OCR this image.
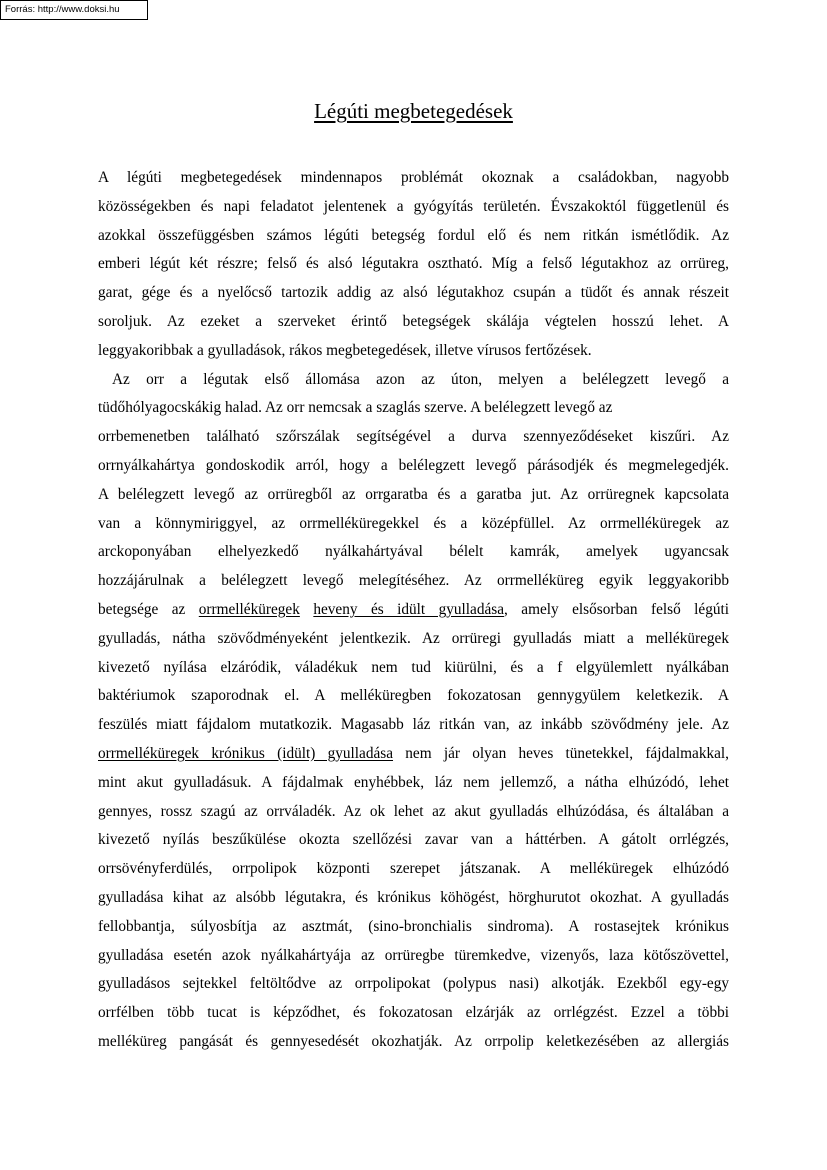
Forrás: http://www.doksi.hu
Légúti megbetegedések
A légúti megbetegedések mindennapos problémát okoznak a családokban, nagyobb
közösségekben és napi feladatot jelentenek a gyógyítás területén. Évszakoktól függetlenül és
azokkal összefüggésben számos légúti betegség fordul elő és nem ritkán ismétlődik. Az
emberi légút két részre; felső és alsó légutakra osztható. Míg a felső légutakhoz az orrüreg,
garat, gége és a nyelőcső tartozik addig az alsó légutakhoz csupán a tüdőt és annak részeit
soroljuk. Az ezeket a szerveket érintő betegségek skálája végtelen hosszú lehet. A
leggyakoribbak a gyulladások, rákos megbetegedések, illetve vírusos fertőzések.
Az orr a légutak első állomása azon az úton, melyen a belélegzett levegő a
tüdőhólyagocskákig halad. Az orr nemcsak a szaglás szerve. A belélegzett levegő az
orrbemenetben található szőrszálak segítségével a durva szennyeződéseket kiszűri. Az
orrnyálkahártya gondoskodik arról, hogy a belélegzett levegő párásodjék és megmelegedjék.
A belélegzett levegő az orrüregből az orrgaratba és a garatba jut. Az orrüregnek kapcsolata
van a könnymiriggyel, az orrmelléküregekkel és a középfüllel. Az orrmelléküregek az
arckoponyában elhelyezkedő nyálkahártyával bélelt kamrák, amelyek ugyancsak
hozzájárulnak a belélegzett levegő melegítéséhez. Az orrmelléküreg egyik leggyakoribb
betegsége az orrmelléküregek heveny és idült gyulladása, amely elsősorban felső légúti
gyulladás, nátha szövődményeként jelentkezik. Az orrüregi gyulladás miatt a melléküregek
kivezető nyílása elzáródik, váladékuk nem tud kiürülni, és a f elgyülemlett nyálkában
baktériumok szaporodnak el. A melléküregben fokozatosan gennygyülem keletkezik. A
feszülés miatt fájdalom mutatkozik. Magasabb láz ritkán van, az inkább szövődmény jele. Az
orrmelléküregek krónikus (idült) gyulladása nem jár olyan heves tünetekkel, fájdalmakkal,
mint akut gyulladásuk. A fájdalmak enyhébbek, láz nem jellemző, a nátha elhúzódó, lehet
gennyes, rossz szagú az orrváladék. Az ok lehet az akut gyulladás elhúzódása, és általában a
kivezető nyílás beszűkülése okozta szellőzési zavar van a háttérben. A gátolt orrlégzés,
orrsövényferdülés, orrpolipok központi szerepet játszanak. A melléküregek elhúzódó
gyulladása kihat az alsóbb légutakra, és krónikus köhögést, hörghurutot okozhat. A gyulladás
fellobbantja, súlyosbítja az asztmát, (sino-bronchialis sindroma). A rostasejtek krónikus
gyulladása esetén azok nyálkahártyája az orrüregbe türemkedve, vizenyős, laza kötőszövettel,
gyulladásos sejtekkel feltöltődve az orrpolipokat (polypus nasi) alkotják. Ezekből egy-egy
orrfélben több tucat is képződhet, és fokozatosan elzárják az orrlégzést. Ezzel a többi
melléküreg pangását és gennyesedését okozhatják. Az orrpolip keletkezésében az allergiás
